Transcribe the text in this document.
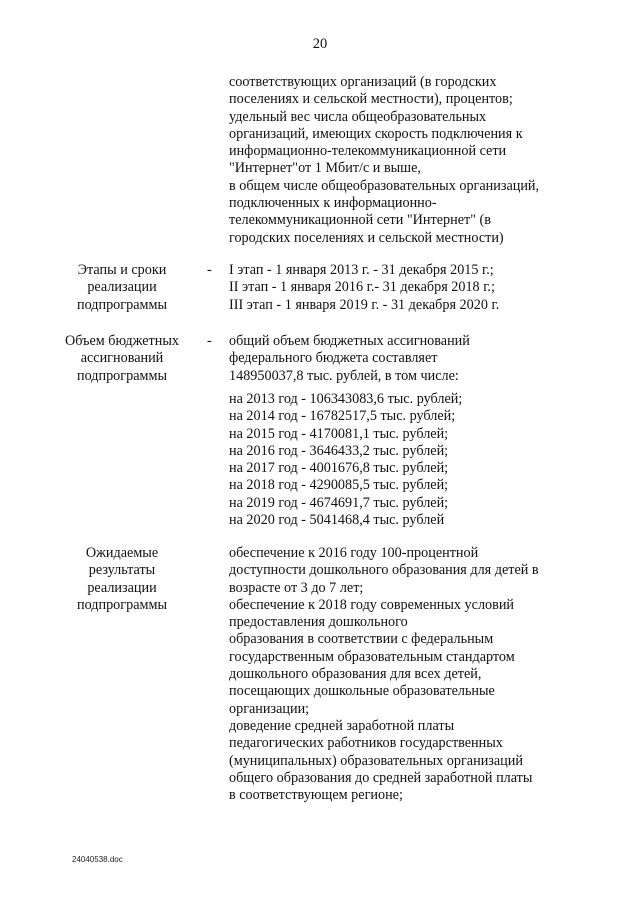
20
соответствующих организаций (в городских
поселениях и сельской местности), процентов;
удельный вес числа общеобразовательных
организаций, имеющих скорость подключения к
информационно-телекоммуникационной сети
"Интернет"от 1 Мбит/с и выше,
в общем числе общеобразовательных организаций,
подключенных к информационно-
телекоммуникационной сети "Интернет" (в
городских поселениях и сельской местности)
Этапы и сроки
реализации
подпрограммы
- I этап - 1 января 2013 г. - 31 декабря 2015 г.;
II этап - 1 января 2016 г.- 31 декабря 2018 г.;
III этап - 1 января 2019 г. - 31 декабря 2020 г.
Объем бюджетных
ассигнований
подпрограммы
- общий объем бюджетных ассигнований
федерального бюджета составляет
148950037,8 тыс. рублей, в том числе:
на 2013 год - 106343083,6 тыс. рублей;
на 2014 год - 16782517,5 тыс. рублей;
на 2015 год - 4170081,1 тыс. рублей;
на 2016 год - 3646433,2 тыс. рублей;
на 2017 год - 4001676,8 тыс. рублей;
на 2018 год - 4290085,5 тыс. рублей;
на 2019 год - 4674691,7 тыс. рублей;
на 2020 год - 5041468,4 тыс. рублей
Ожидаемые
результаты
реализации
подпрограммы
обеспечение к 2016 году 100-процентной
доступности дошкольного образования для детей в
возрасте от 3 до 7 лет;
обеспечение к 2018 году современных условий
предоставления дошкольного
образования в соответствии с федеральным
государственным образовательным стандартом
дошкольного образования для всех детей,
посещающих дошкольные образовательные
организации;
доведение средней заработной платы
педагогических работников государственных
(муниципальных) образовательных организаций
общего образования до средней заработной платы
в соответствующем регионе;
24040538.doc
